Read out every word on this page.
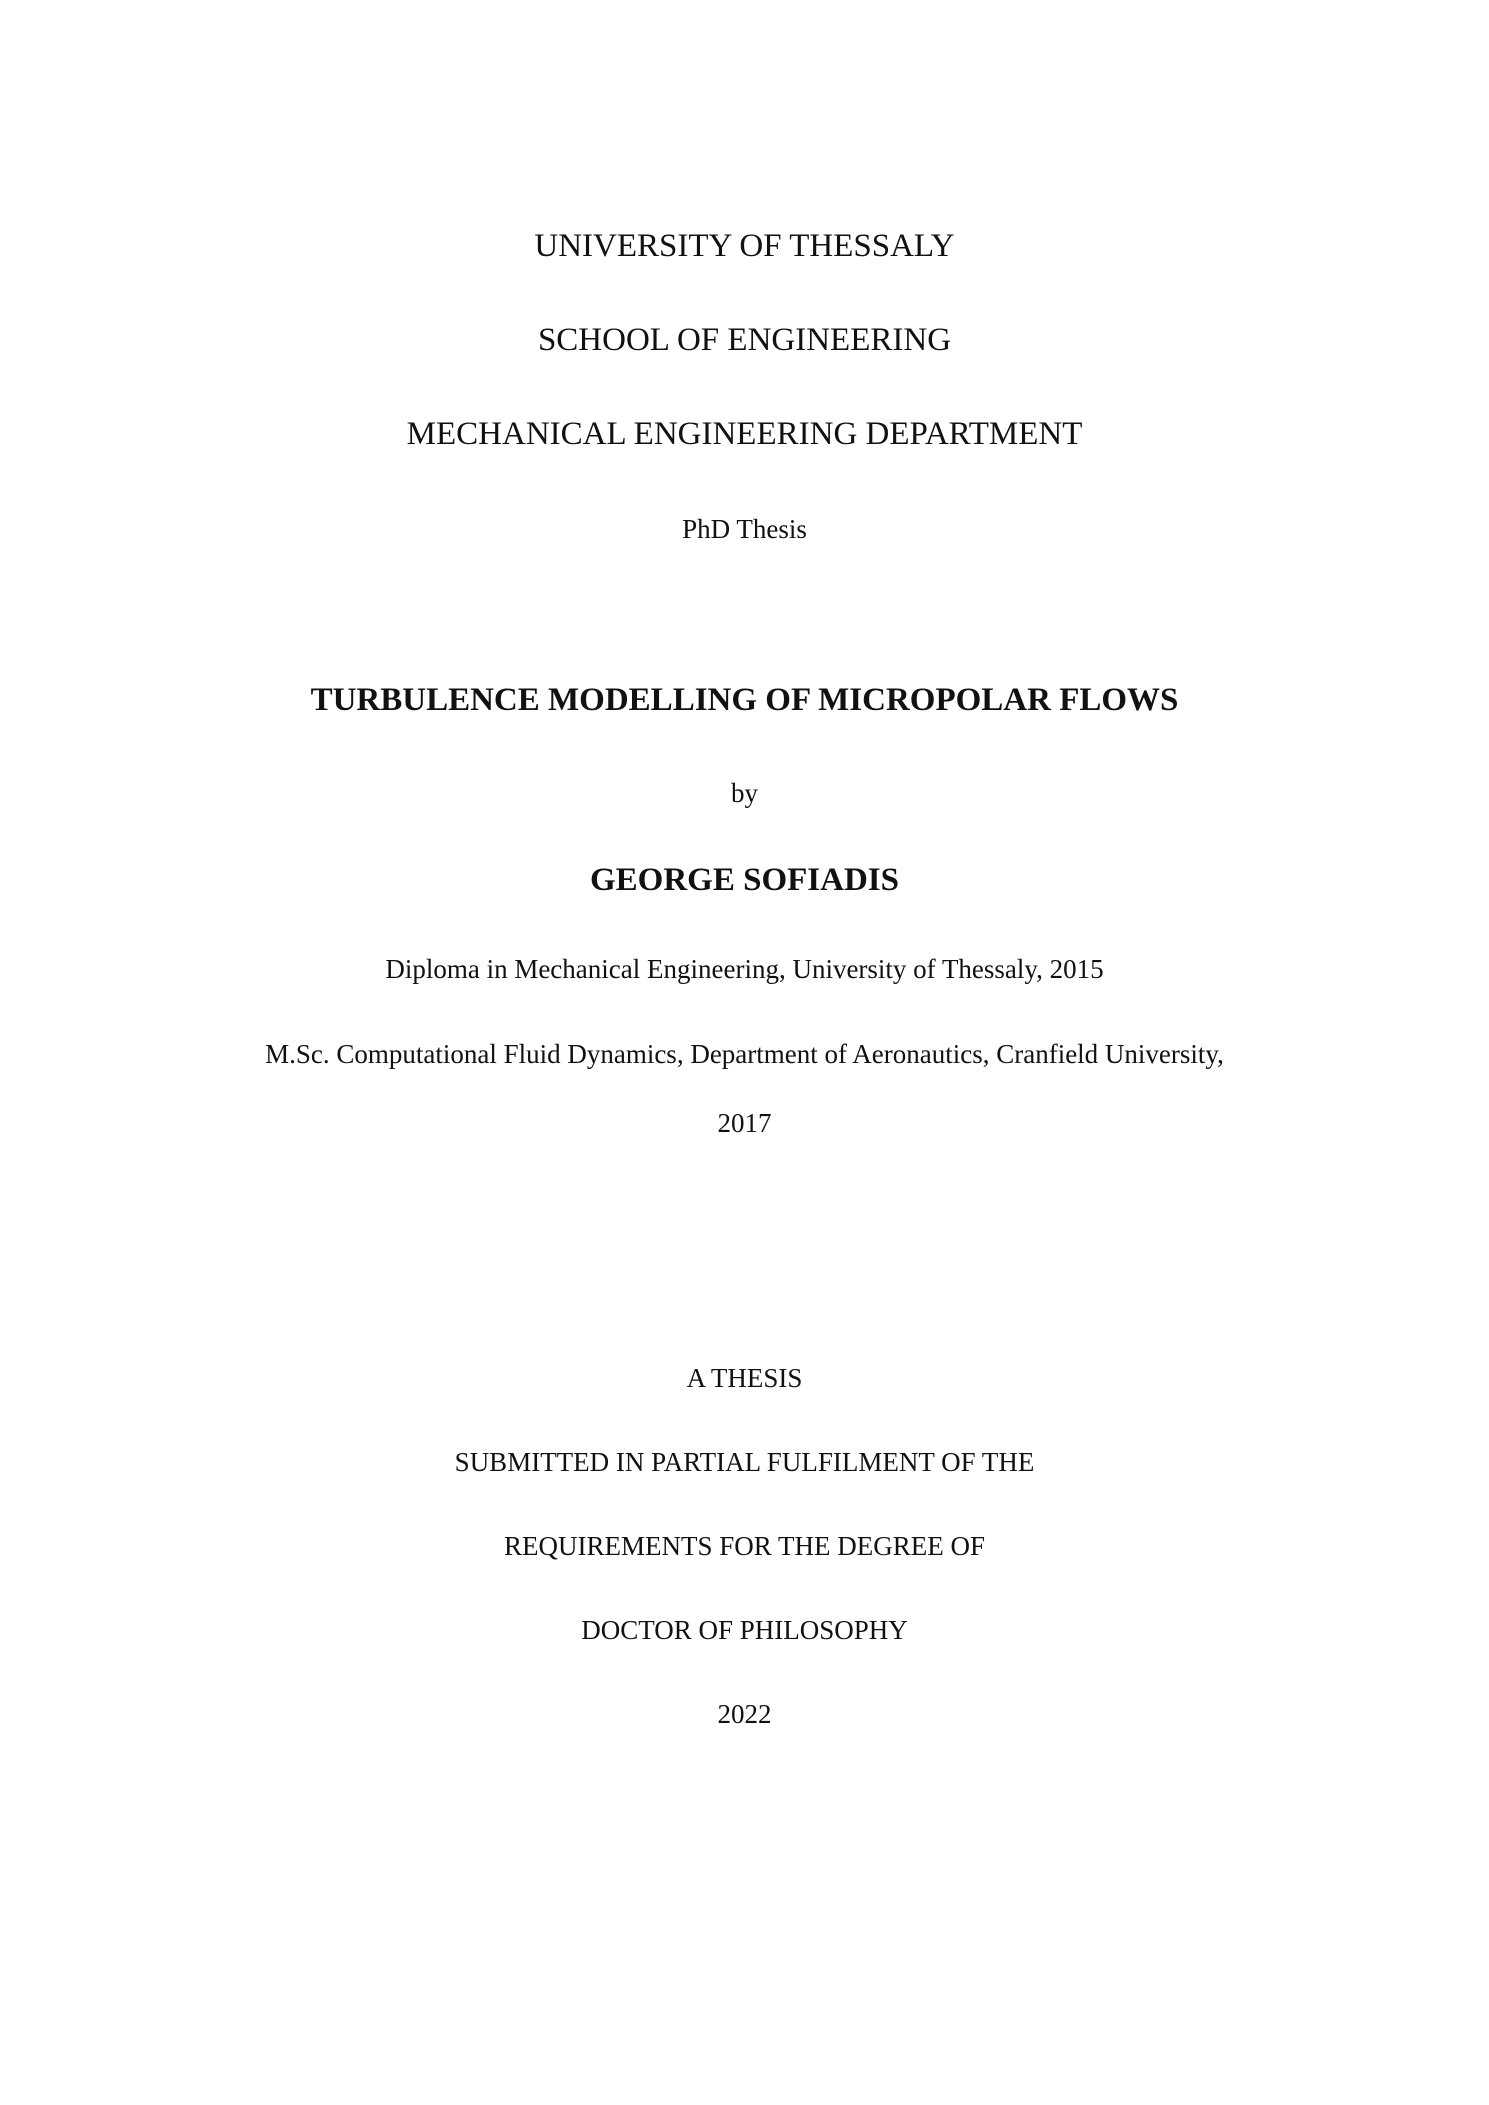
UNIVERSITY OF THESSALY
SCHOOL OF ENGINEERING
MECHANICAL ENGINEERING DEPARTMENT
PhD Thesis
TURBULENCE MODELLING OF MICROPOLAR FLOWS
by
GEORGE SOFIADIS
Diploma in Mechanical Engineering, University of Thessaly, 2015
M.Sc. Computational Fluid Dynamics, Department of Aeronautics, Cranfield University,
2017
A THESIS
SUBMITTED IN PARTIAL FULFILMENT OF THE
REQUIREMENTS FOR THE DEGREE OF
DOCTOR OF PHILOSOPHY
2022
